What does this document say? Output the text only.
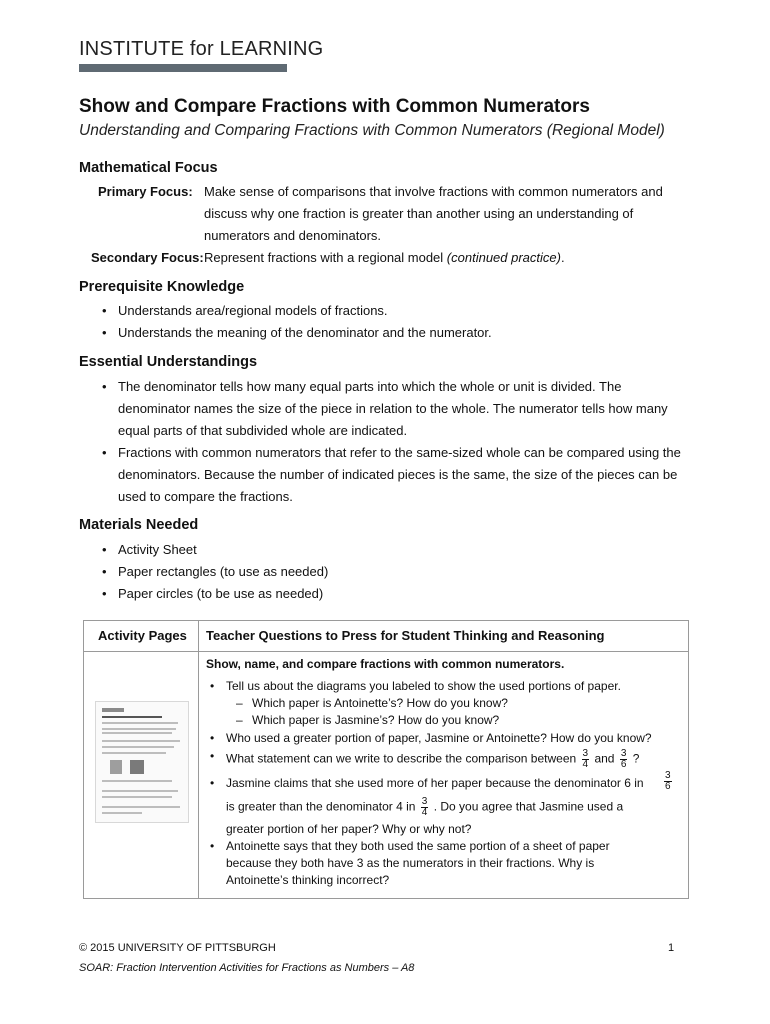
INSTITUTE for LEARNING
Show and Compare Fractions with Common Numerators
Understanding and Comparing Fractions with Common Numerators (Regional Model)
Mathematical Focus
Primary Focus: Make sense of comparisons that involve fractions with common numerators and discuss why one fraction is greater than another using an understanding of numerators and denominators.
Secondary Focus: Represent fractions with a regional model (continued practice).
Prerequisite Knowledge
• Understands area/regional models of fractions.
• Understands the meaning of the denominator and the numerator.
Essential Understandings
• The denominator tells how many equal parts into which the whole or unit is divided. The denominator names the size of the piece in relation to the whole. The numerator tells how many equal parts of that subdivided whole are indicated.
• Fractions with common numerators that refer to the same-sized whole can be compared using the denominators. Because the number of indicated pieces is the same, the size of the pieces can be used to compare the fractions.
Materials Needed
• Activity Sheet
• Paper rectangles (to use as needed)
• Paper circles (to be use as needed)
Activity Pages Teacher Questions to Press for Student Thinking and Reasoning
Show, name, and compare fractions with common numerators.
• Tell us about the diagrams you labeled to show the used portions of paper.
– Which paper is Antoinette’s? How do you know?
– Which paper is Jasmine’s? How do you know?
• Who used a greater portion of paper, Jasmine or Antoinette? How do you know?
• What statement can we write to describe the comparison between $\frac{3}{4}$ and $\frac{3}{6}$ ?
• Jasmine claims that she used more of her paper because the denominator 6 in $\frac{3}{6}$
is greater than the denominator 4 in $\frac{3}{4}$ . Do you agree that Jasmine used a
greater portion of her paper? Why or why not?
• Antoinette says that they both used the same portion of a sheet of paper
because they both have 3 as the numerators in their fractions. Why is
Antoinette’s thinking incorrect?
© 2015 UNIVERSITY OF PITTSBURGH	1
SOAR: Fraction Intervention Activities for Fractions as Numbers – A8
